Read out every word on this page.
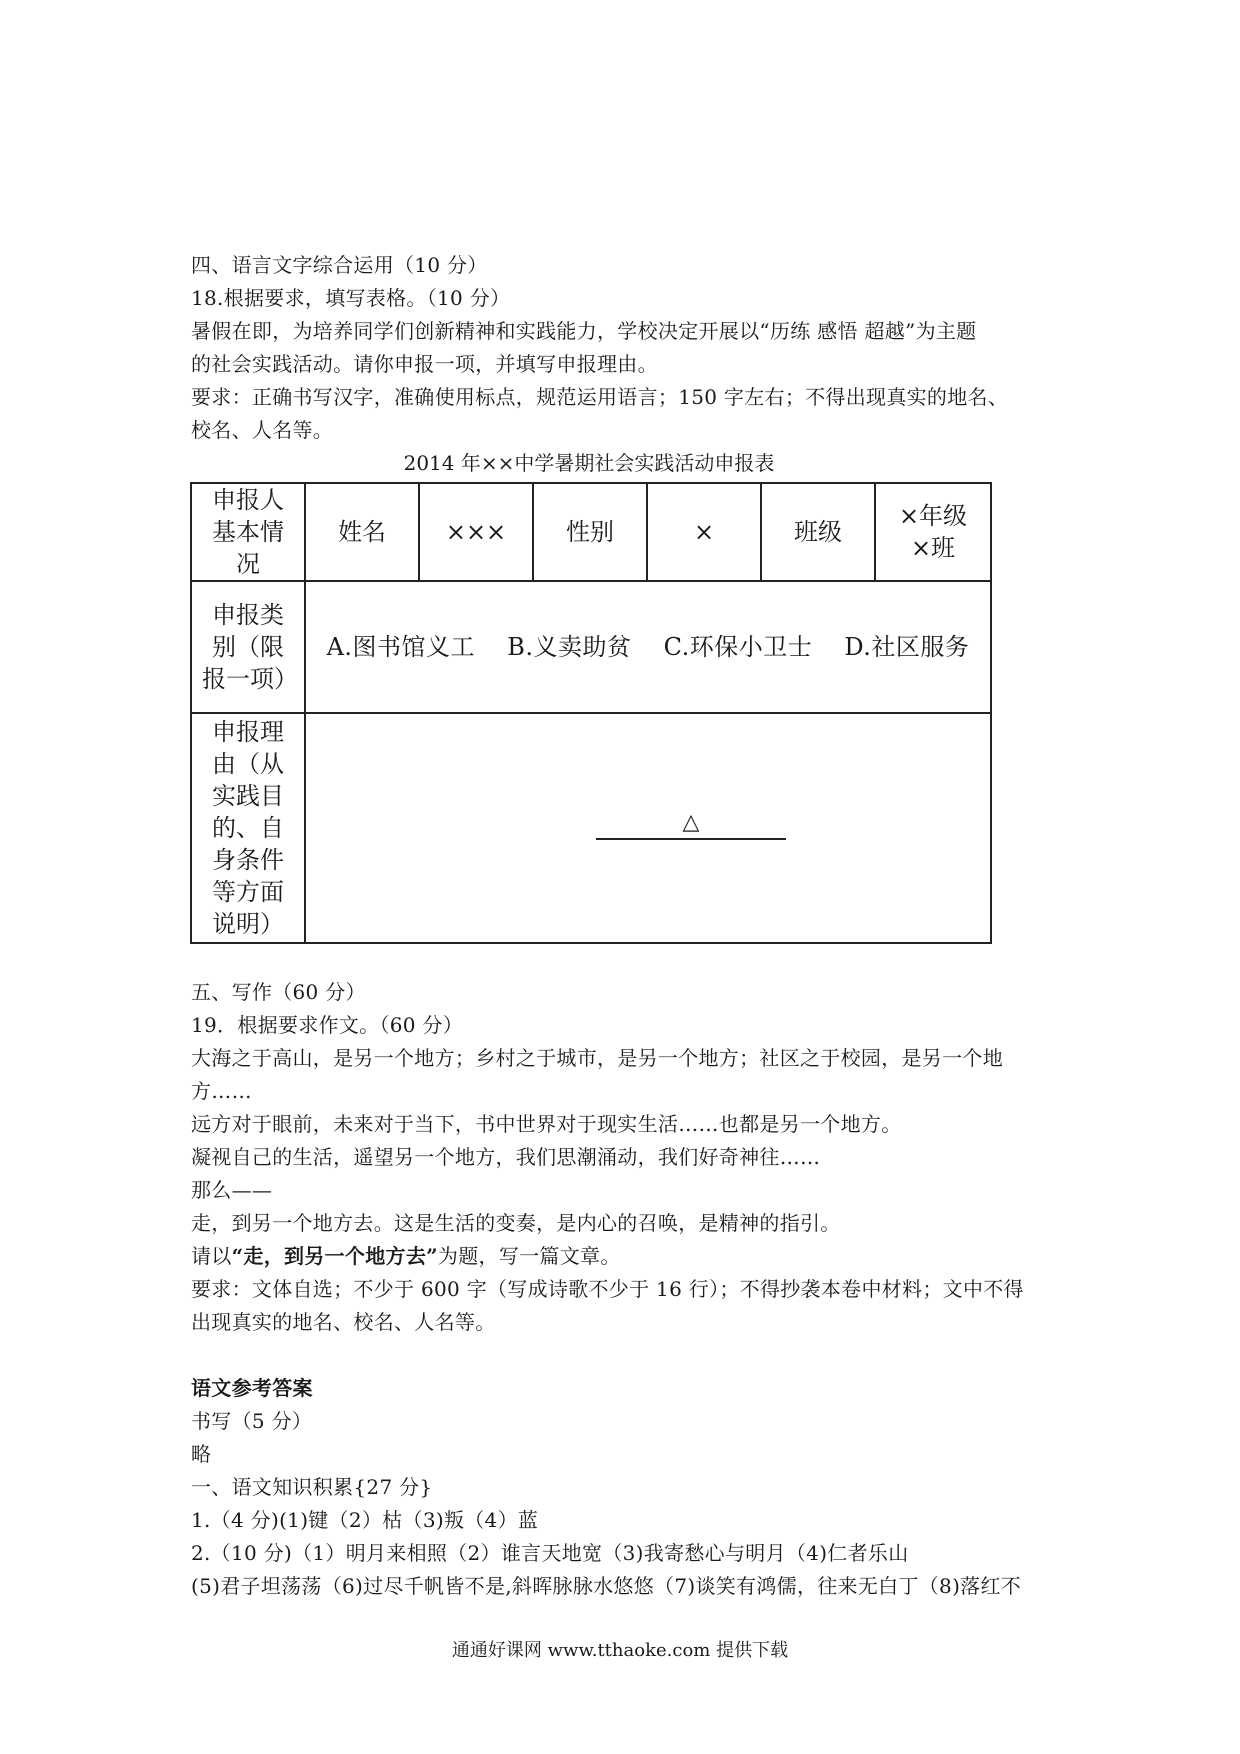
四、语言文字综合运用（10 分）
18.根据要求，填写表格。（10 分）
暑假在即，为培养同学们创新精神和实践能力，学校决定开展以“历练 感悟 超越”为主题
的社会实践活动。请你申报一项，并填写申报理由。
要求：正确书写汉字，准确使用标点，规范运用语言；150 字左右；不得出现真实的地名、
校名、人名等。
2014 年××中学暑期社会实践活动申报表
申报人基本情况	姓名	×××	性别	×	班级	×年级×班
申报类别（限报一项）	A.图书馆义工 B.义卖助贫 C.环保小卫士 D.社区服务					
申报理由（从实践目的、自身条件等方面说明）	△					
五、写作（60 分）
19．根据要求作文。（60 分）
大海之于高山，是另一个地方；乡村之于城市，是另一个地方；社区之于校园，是另一个地
方……
远方对于眼前，未来对于当下，书中世界对于现实生活……也都是另一个地方。
凝视自己的生活，遥望另一个地方，我们思潮涌动，我们好奇神往……
那么——
走，到另一个地方去。这是生活的变奏，是内心的召唤，是精神的指引。
请以“走，到另一个地方去”为题，写一篇文章。
要求：文体自选；不少于 600 字（写成诗歌不少于 16 行）；不得抄袭本卷中材料；文中不得
出现真实的地名、校名、人名等。
语文参考答案
书写（5 分）
略
一、语文知识积累{27 分}
1.（4 分)(1)键（2）枯（3)叛（4）蓝
2.（10 分)（1）明月来相照（2）谁言天地宽（3)我寄愁心与明月（4)仁者乐山
(5)君子坦荡荡（6)过尽千帆皆不是,斜晖脉脉水悠悠（7)谈笑有鸿儒，往来无白丁（8)落红不
通通好课网 www.tthaoke.com 提供下载
